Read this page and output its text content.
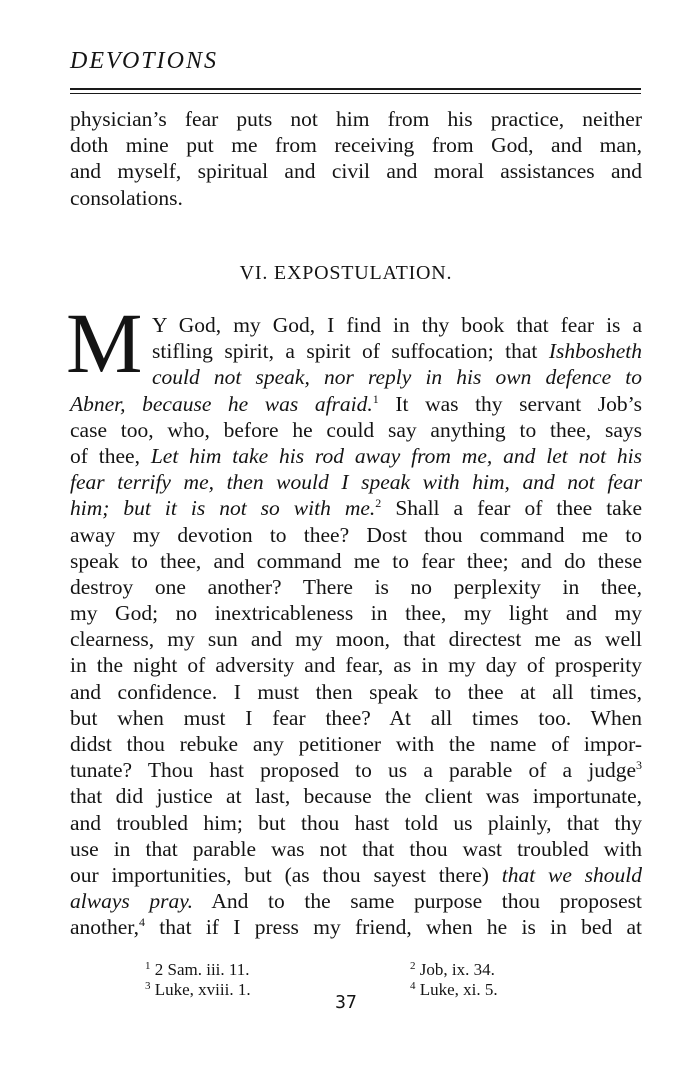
DEVOTIONS
physician’s fear puts not him from his practice, neither
doth mine put me from receiving from God, and man,
and myself, spiritual and civil and moral assistances and
consolations.
VI. EXPOSTULATION.
M Y God, my God, I find in thy book that fear is a
stifling spirit, a spirit of suffocation; that Ishbosheth
could not speak, nor reply in his own defence to
Abner, because he was afraid.$^1$ It was thy servant Job’s
case too, who, before he could say anything to thee, says
of thee, Let him take his rod away from me, and let not his
fear terrify me, then would I speak with him, and not fear
him; but it is not so with me.$^2$ Shall a fear of thee take
away my devotion to thee? Dost thou command me to
speak to thee, and command me to fear thee; and do these
destroy one another? There is no perplexity in thee,
my God; no inextricableness in thee, my light and my
clearness, my sun and my moon, that directest me as well
in the night of adversity and fear, as in my day of prosperity
and confidence. I must then speak to thee at all times,
but when must I fear thee? At all times too. When
didst thou rebuke any petitioner with the name of impor-
tunate? Thou hast proposed to us a parable of a judge$^3$
that did justice at last, because the client was importunate,
and troubled him; but thou hast told us plainly, that thy
use in that parable was not that thou wast troubled with
our importunities, but (as thou sayest there) that we should
always pray. And to the same purpose thou proposest
another,$^4$ that if I press my friend, when he is in bed at
$^1$ 2 Sam. iii. 11.	$^2$ Job, ix. 34.
$^3$ Luke, xviii. 1.	$^4$ Luke, xi. 5.
37
